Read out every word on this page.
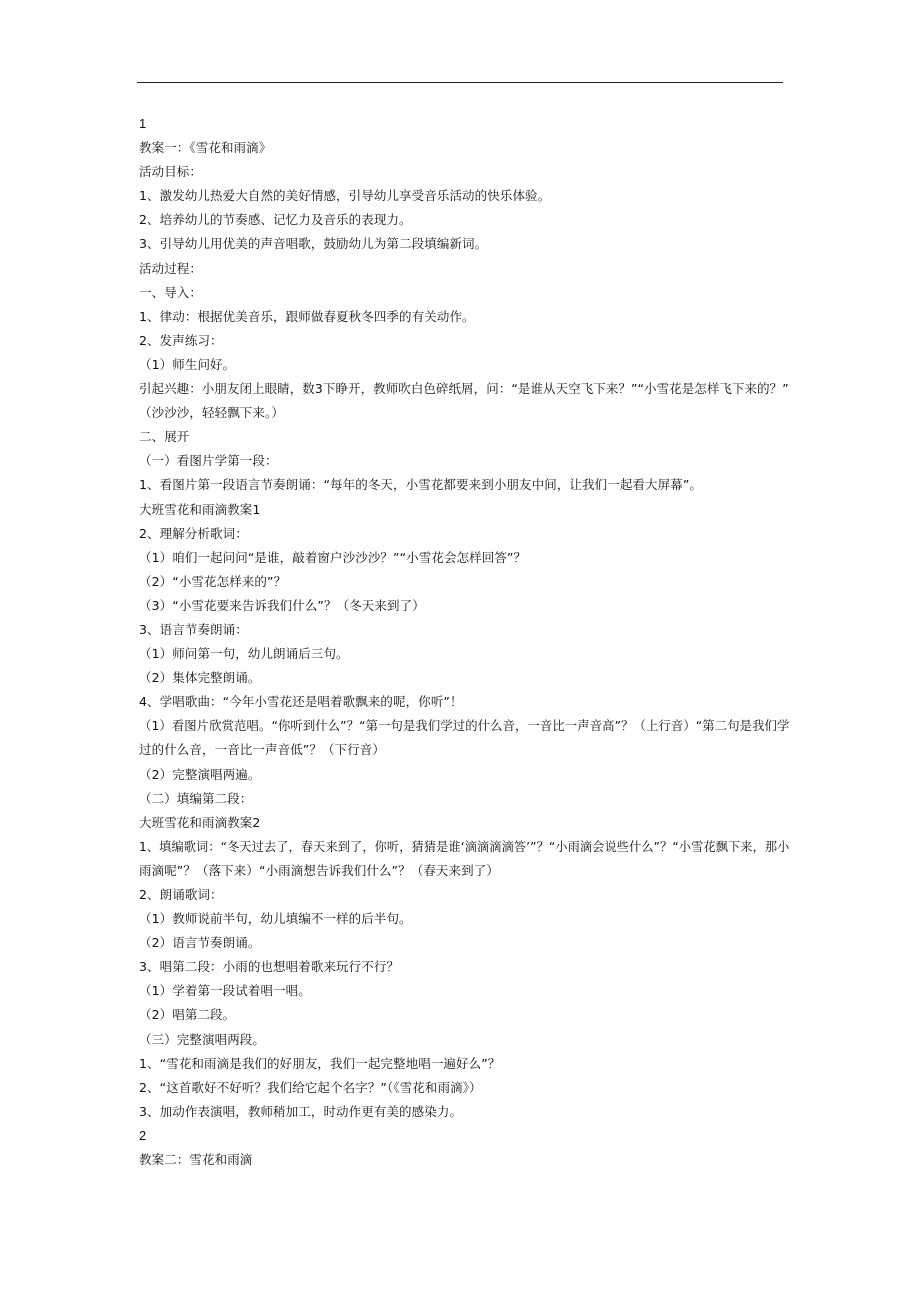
1
教案一：《雪花和雨滴》
活动目标：
1、激发幼儿热爱大自然的美好情感，引导幼儿享受音乐活动的快乐体验。
2、培养幼儿的节奏感、记忆力及音乐的表现力。
3、引导幼儿用优美的声音唱歌，鼓励幼儿为第二段填编新词。
活动过程：
一、导入：
1、律动：根据优美音乐，跟师做春夏秋冬四季的有关动作。
2、发声练习：
（1）师生问好。
引起兴趣：小朋友闭上眼睛，数3下睁开，教师吹白色碎纸屑，问：“是谁从天空飞下来？”“小雪花是怎样飞下来的？”
（沙沙沙，轻轻飘下来。）
二、展开
（一）看图片学第一段：
1、看图片第一段语言节奏朗诵：“每年的冬天，小雪花都要来到小朋友中间，让我们一起看大屏幕”。
大班雪花和雨滴教案1
2、理解分析歌词：
（1）咱们一起问问“是谁，敲着窗户沙沙沙？”“小雪花会怎样回答”？
（2）“小雪花怎样来的”？
（3）“小雪花要来告诉我们什么”？（冬天来到了）
3、语言节奏朗诵：
（1）师问第一句，幼儿朗诵后三句。
（2）集体完整朗诵。
4、学唱歌曲：“今年小雪花还是唱着歌飘来的呢，你听”！
（1）看图片欣赏范唱。“你听到什么”？“第一句是我们学过的什么音，一音比一声音高”？（上行音）“第二句是我们学
过的什么音，一音比一声音低”？（下行音）
（2）完整演唱两遍。
（二）填编第二段：
大班雪花和雨滴教案2
1、填编歌词：“冬天过去了，春天来到了，你听，猜猜是谁‘滴滴滴滴答’”？“小雨滴会说些什么”？“小雪花飘下来，那小
雨滴呢”？（落下来）“小雨滴想告诉我们什么”？（春天来到了）
2、朗诵歌词：
（1）教师说前半句，幼儿填编不一样的后半句。
（2）语言节奏朗诵。
3、唱第二段：小雨的也想唱着歌来玩行不行？
（1）学着第一段试着唱一唱。
（2）唱第二段。
（三）完整演唱两段。
1、“雪花和雨滴是我们的好朋友，我们一起完整地唱一遍好么”？
2、“这首歌好不好听？我们给它起个名字？”（《雪花和雨滴》）
3、加动作表演唱，教师稍加工，时动作更有美的感染力。
2
教案二：雪花和雨滴
